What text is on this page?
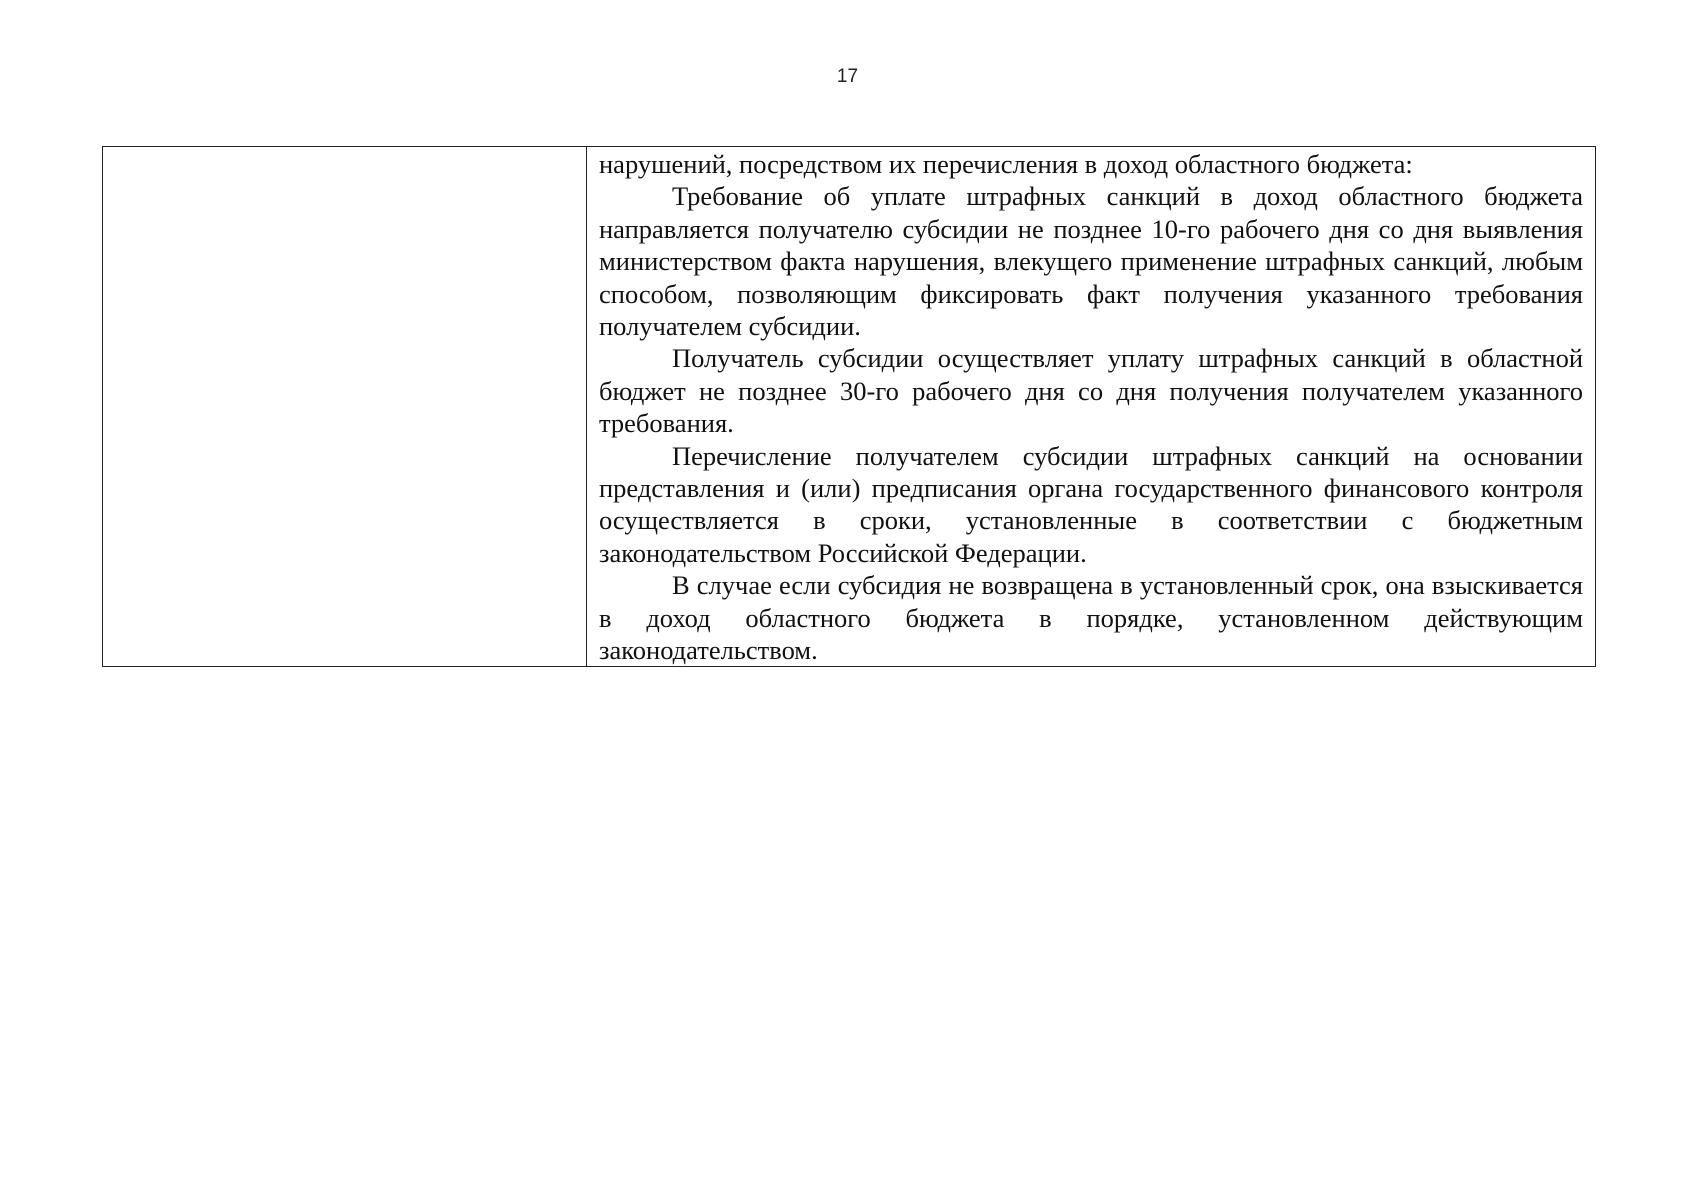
17

нарушений, посредством их перечисления в доход областного бюджета:

Требование об уплате штрафных санкций в доход областного бюджета направляется получателю субсидии не позднее 10-го рабочего дня со дня выявления министерством факта нарушения, влекущего применение штрафных санкций, любым способом, позволяющим фиксировать факт получения указанного требования получателем субсидии.

Получатель субсидии осуществляет уплату штрафных санкций в областной бюджет не позднее 30-го рабочего дня со дня получения получателем указанного требования.

Перечисление получателем субсидии штрафных санкций на основании представления и (или) предписания органа государственного финансового контроля осуществляется в сроки, установленные в соответствии с бюджетным законодательством Российской Федерации.

В случае если субсидия не возвращена в установленный срок, она взыскивается в доход областного бюджета в порядке, установленном действующим законодательством.
